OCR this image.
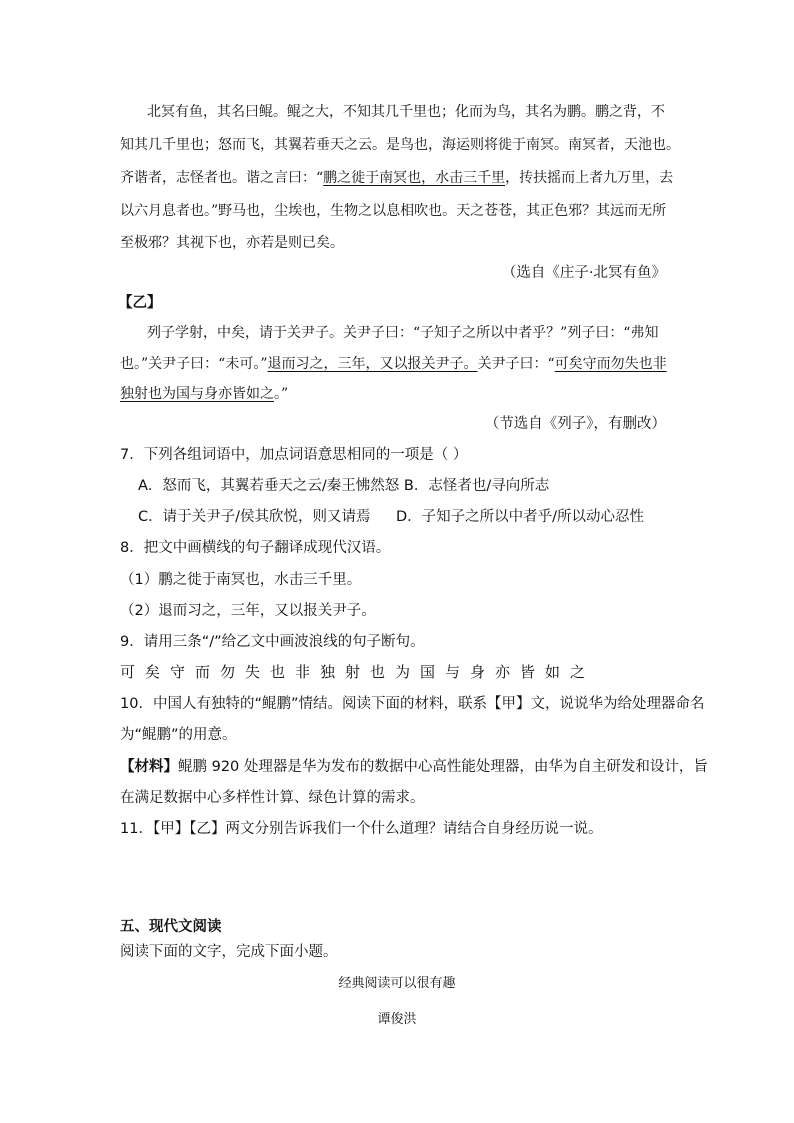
北冥有鱼，其名曰鲲。鲲之大，不知其几千里也；化而为鸟，其名为鹏。鹏之背，不
知其几千里也；怒而飞，其翼若垂天之云。是鸟也，海运则将徙于南冥。南冥者，天池也。
齐谐者，志怪者也。谐之言曰：“鹏之徙于南冥也，水击三千里，抟扶摇而上者九万里，去
以六月息者也。”野马也，尘埃也，生物之以息相吹也。天之苍苍，其正色邪？其远而无所
至极邪？其视下也，亦若是则已矣。
（选自《庄子·北冥有鱼》
【乙】
列子学射，中矣，请于关尹子。关尹子曰：“子知子之所以中者乎？”列子曰：“弗知
也。”关尹子曰：“未可。”退而习之，三年，又以报关尹子。关尹子曰：“可矣守而勿失也非
独射也为国与身亦皆如之。”
（节选自《列子》，有删改）
7．下列各组词语中，加点词语意思相同的一项是（ ）
A．怒而飞，其翼若垂天之云/秦王怫然怒 B．志怪者也/寻向所志
C．请于关尹子/侯其欣悦，则又请焉 D．子知子之所以中者乎/所以动心忍性
8．把文中画横线的句子翻译成现代汉语。
（1）鹏之徙于南冥也，水击三千里。
（2）退而习之，三年，又以报关尹子。
9．请用三条“/”给乙文中画波浪线的句子断句。
可矣守而勿失也非独射也为国与身亦皆如之
10．中国人有独特的“鲲鹏”情结。阅读下面的材料，联系【甲】文，说说华为给处理器命名
为“鲲鹏”的用意。
【材料】鲲鹏 920 处理器是华为发布的数据中心高性能处理器，由华为自主研发和设计，旨
在满足数据中心多样性计算、绿色计算的需求。
11．【甲】【乙】两文分别告诉我们一个什么道理？请结合自身经历说一说。
五、现代文阅读
阅读下面的文字，完成下面小题。
经典阅读可以很有趣
谭俊洪
